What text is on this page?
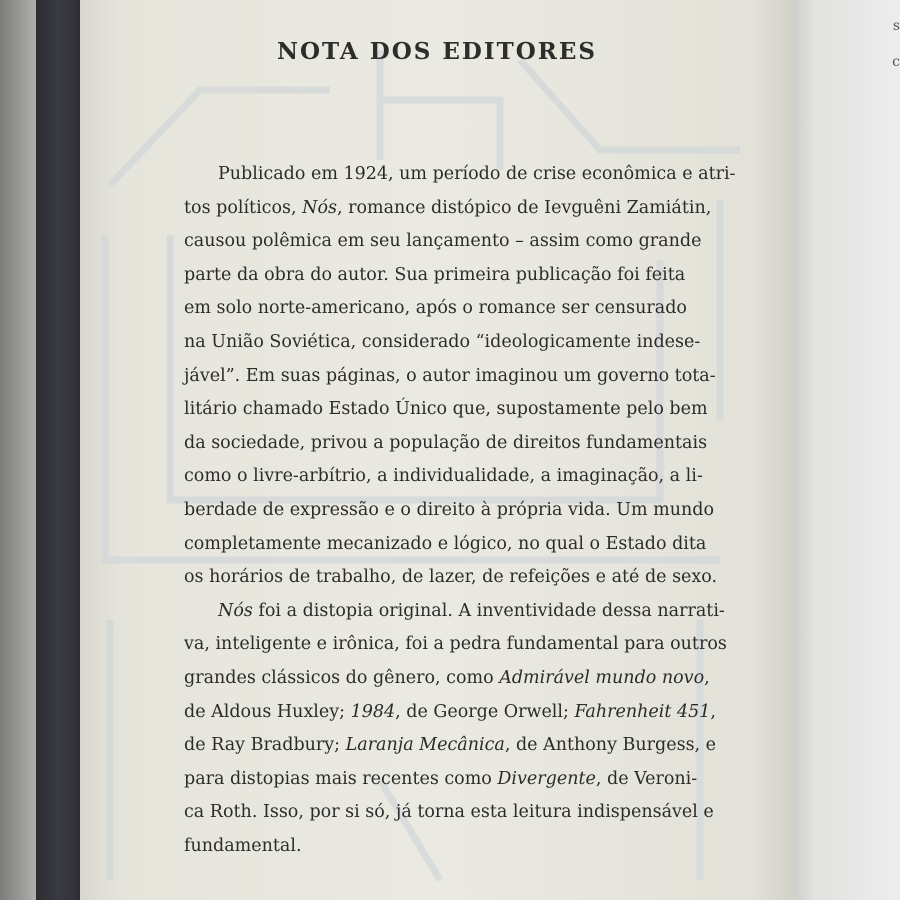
NOTA DOS EDITORES
Publicado em 1924, um período de crise econômica e atri-
tos políticos, Nós, romance distópico de Ievguêni Zamiátin,
causou polêmica em seu lançamento – assim como grande
parte da obra do autor. Sua primeira publicação foi feita
em solo norte-americano, após o romance ser censurado
na União Soviética, considerado “ideologicamente indese-
jável”. Em suas páginas, o autor imaginou um governo tota-
litário chamado Estado Único que, supostamente pelo bem
da sociedade, privou a população de direitos fundamentais
como o livre-arbítrio, a individualidade, a imaginação, a li-
berdade de expressão e o direito à própria vida. Um mundo
completamente mecanizado e lógico, no qual o Estado dita
os horários de trabalho, de lazer, de refeições e até de sexo.
Nós foi a distopia original. A inventividade dessa narrati-
va, inteligente e irônica, foi a pedra fundamental para outros
grandes clássicos do gênero, como Admirável mundo novo,
de Aldous Huxley; 1984, de George Orwell; Fahrenheit 451,
de Ray Bradbury; Laranja Mecânica, de Anthony Burgess, e
para distopias mais recentes como Divergente, de Veroni-
ca Roth. Isso, por si só, já torna esta leitura indispensável e
fundamental.
s
c
